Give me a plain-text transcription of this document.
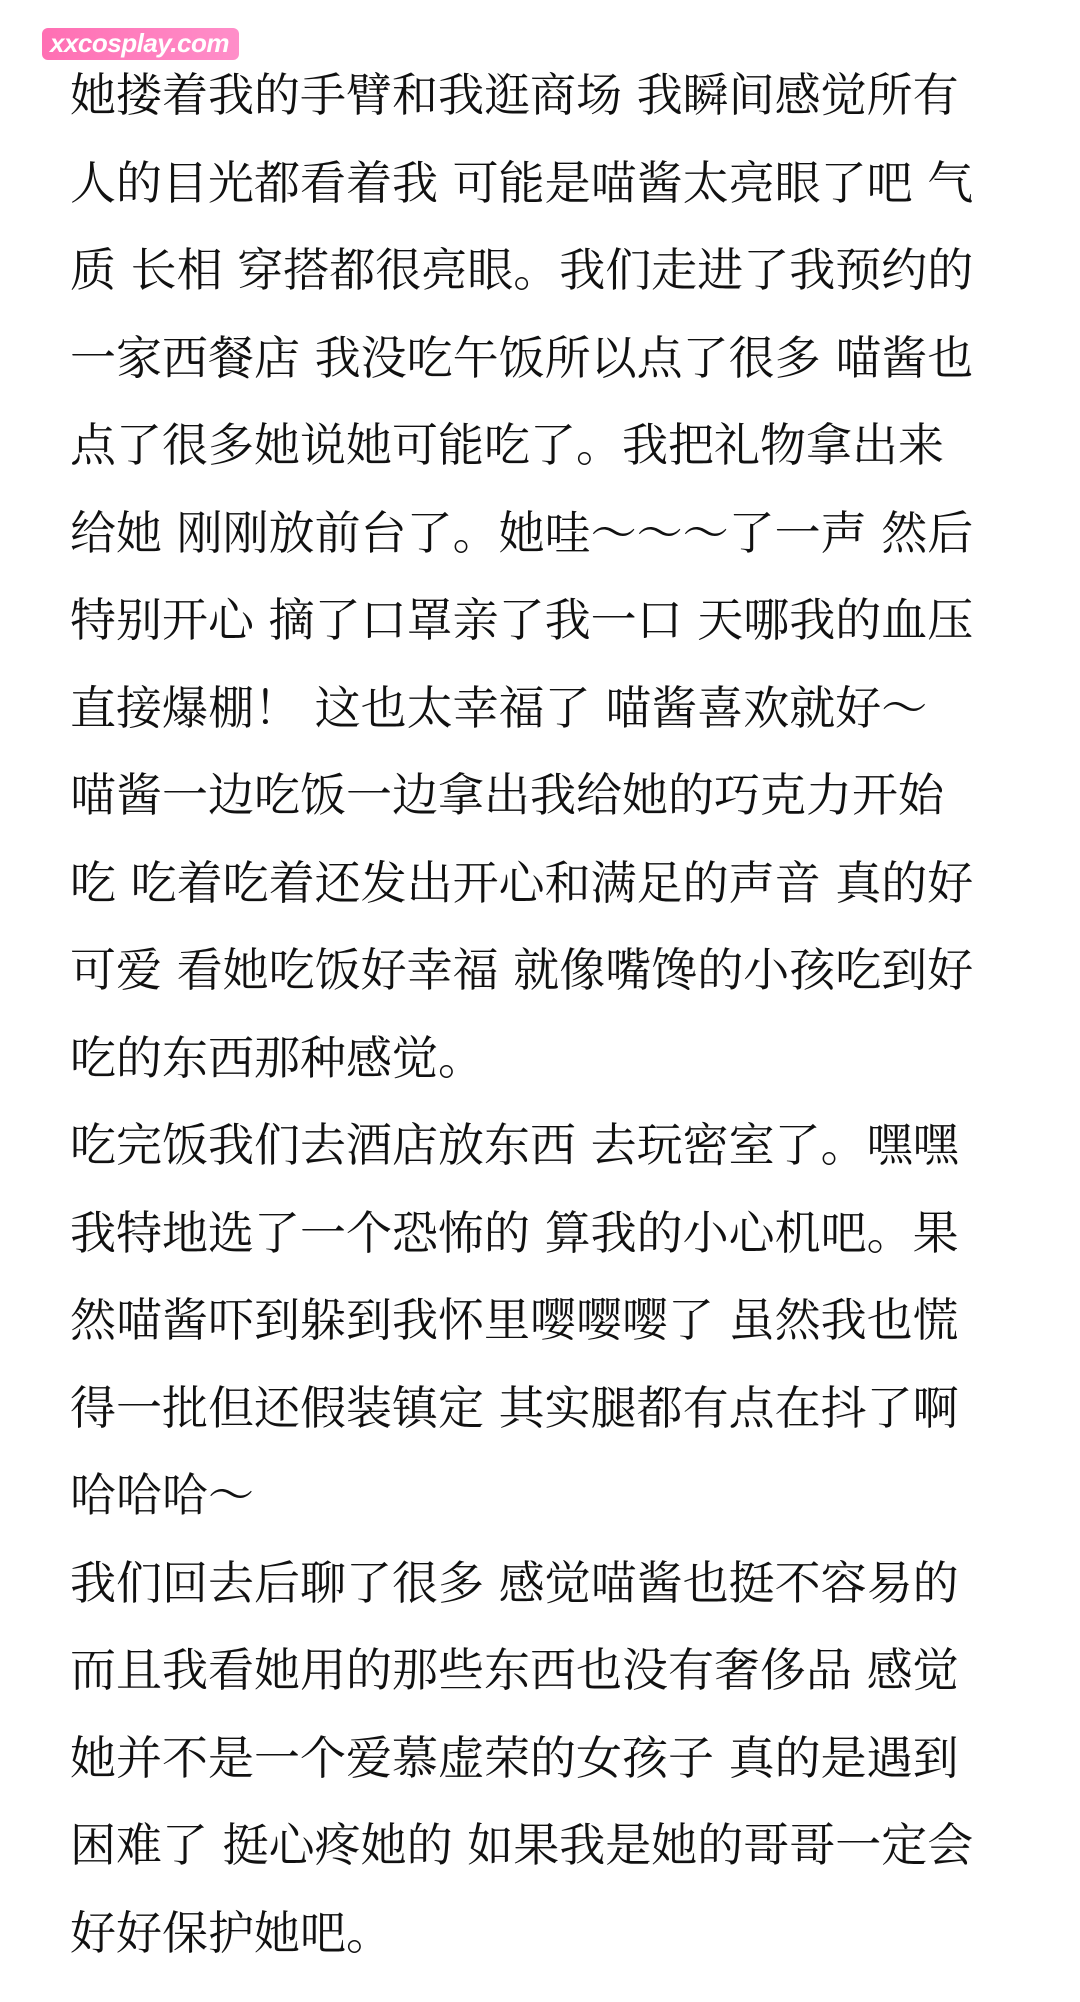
xxcosplay.com
她搂着我的手臂和我逛商场 我瞬间感觉所有
人的目光都看着我 可能是喵酱太亮眼了吧 气
质 长相 穿搭都很亮眼。我们走进了我预约的
一家西餐店 我没吃午饭所以点了很多 喵酱也
点了很多她说她可能吃了。我把礼物拿出来
给她 刚刚放前台了。她哇～～～了一声 然后
特别开心 摘了口罩亲了我一口 天哪我的血压
直接爆棚！ 这也太幸福了 喵酱喜欢就好～
喵酱一边吃饭一边拿出我给她的巧克力开始
吃 吃着吃着还发出开心和满足的声音 真的好
可爱 看她吃饭好幸福 就像嘴馋的小孩吃到好
吃的东西那种感觉。
吃完饭我们去酒店放东西 去玩密室了。嘿嘿
我特地选了一个恐怖的 算我的小心机吧。果
然喵酱吓到躲到我怀里嘤嘤嘤了 虽然我也慌
得一批但还假装镇定 其实腿都有点在抖了啊
哈哈哈～
我们回去后聊了很多 感觉喵酱也挺不容易的
而且我看她用的那些东西也没有奢侈品 感觉
她并不是一个爱慕虚荣的女孩子 真的是遇到
困难了 挺心疼她的 如果我是她的哥哥一定会
好好保护她吧。
